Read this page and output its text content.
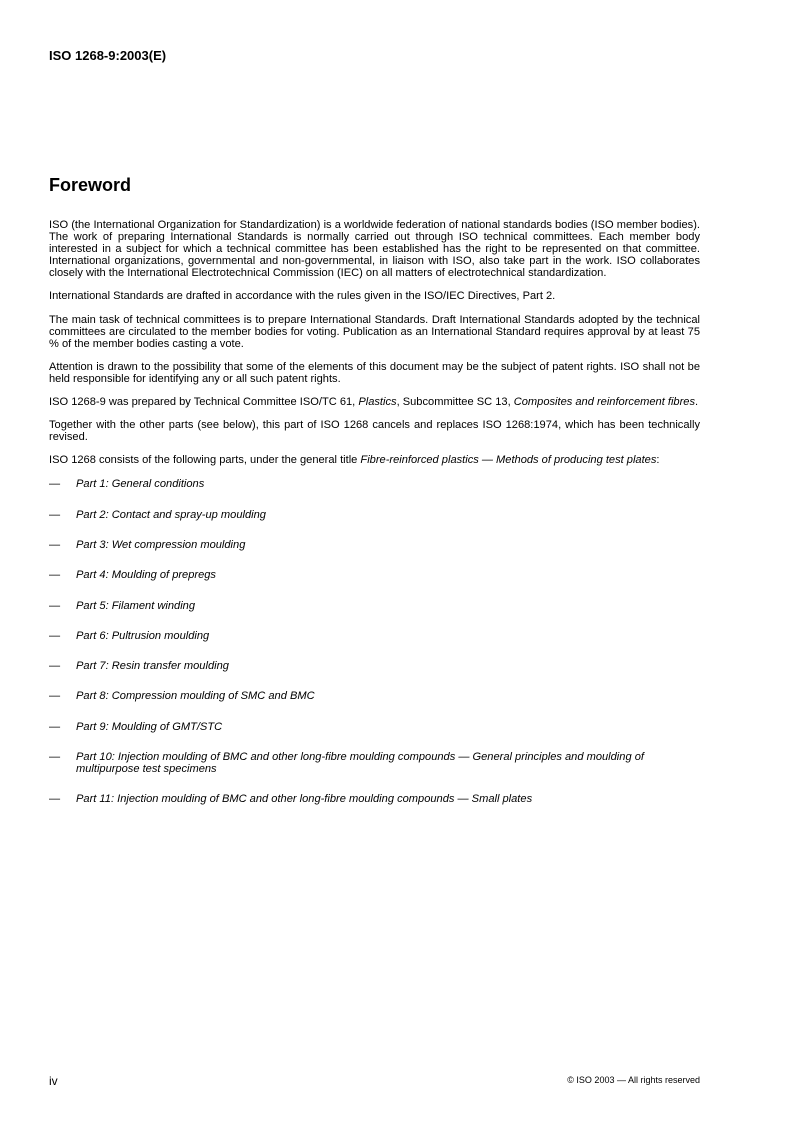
ISO 1268-9:2003(E)
Foreword

ISO (the International Organization for Standardization) is a worldwide federation of national standards bodies (ISO member bodies). The work of preparing International Standards is normally carried out through ISO technical committees. Each member body interested in a subject for which a technical committee has been established has the right to be represented on that committee. International organizations, governmental and non-governmental, in liaison with ISO, also take part in the work. ISO collaborates closely with the International Electrotechnical Commission (IEC) on all matters of electrotechnical standardization.

International Standards are drafted in accordance with the rules given in the ISO/IEC Directives, Part 2.

The main task of technical committees is to prepare International Standards. Draft International Standards adopted by the technical committees are circulated to the member bodies for voting. Publication as an International Standard requires approval by at least 75 % of the member bodies casting a vote.

Attention is drawn to the possibility that some of the elements of this document may be the subject of patent rights. ISO shall not be held responsible for identifying any or all such patent rights.

ISO 1268-9 was prepared by Technical Committee ISO/TC 61, Plastics, Subcommittee SC 13, Composites and reinforcement fibres.

Together with the other parts (see below), this part of ISO 1268 cancels and replaces ISO 1268:1974, which has been technically revised.

ISO 1268 consists of the following parts, under the general title Fibre-reinforced plastics — Methods of producing test plates:

—	Part 1: General conditions
—	Part 2: Contact and spray-up moulding
—	Part 3: Wet compression moulding
—	Part 4: Moulding of prepregs
—	Part 5: Filament winding
—	Part 6: Pultrusion moulding
—	Part 7: Resin transfer moulding
—	Part 8: Compression moulding of SMC and BMC
—	Part 9: Moulding of GMT/STC
—	Part 10: Injection moulding of BMC and other long-fibre moulding compounds — General principles and moulding of multipurpose test specimens
—	Part 11: Injection moulding of BMC and other long-fibre moulding compounds — Small plates
iv	© ISO 2003 — All rights reserved
